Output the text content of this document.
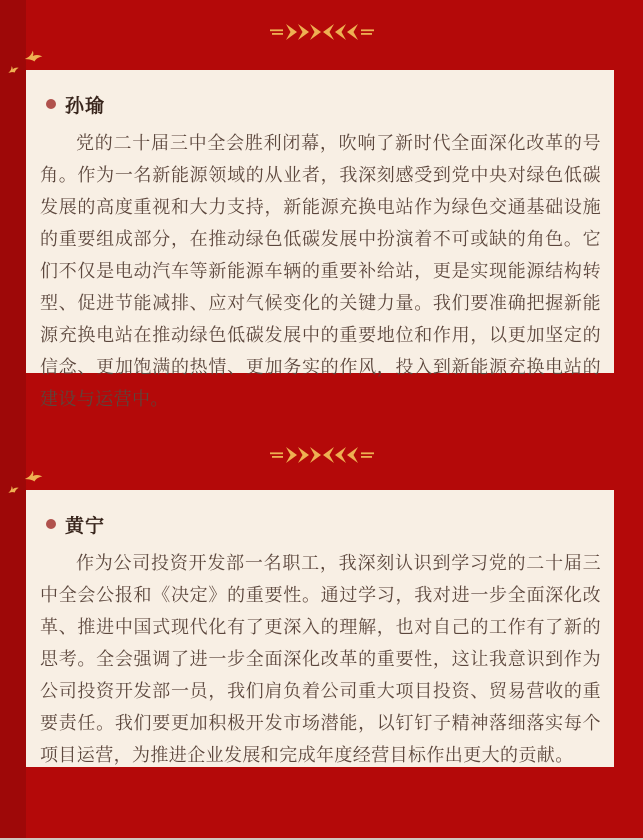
孙瑜

党的二十届三中全会胜利闭幕，吹响了新时代全面深化改革的号角。作为一名新能源领域的从业者，我深刻感受到党中央对绿色低碳发展的高度重视和大力支持，新能源充换电站作为绿色交通基础设施的重要组成部分，在推动绿色低碳发展中扮演着不可或缺的角色。它们不仅是电动汽车等新能源车辆的重要补给站，更是实现能源结构转型、促进节能减排、应对气候变化的关键力量。我们要准确把握新能源充换电站在推动绿色低碳发展中的重要地位和作用，以更加坚定的信念、更加饱满的热情、更加务实的作风，投入到新能源充换电站的建设与运营中。

黄宁

作为公司投资开发部一名职工，我深刻认识到学习党的二十届三中全会公报和《决定》的重要性。通过学习，我对进一步全面深化改革、推进中国式现代化有了更深入的理解，也对自己的工作有了新的思考。全会强调了进一步全面深化改革的重要性，这让我意识到作为公司投资开发部一员，我们肩负着公司重大项目投资、贸易营收的重要责任。我们要更加积极开发市场潜能，以钉钉子精神落细落实每个项目运营，为推进企业发展和完成年度经营目标作出更大的贡献。
